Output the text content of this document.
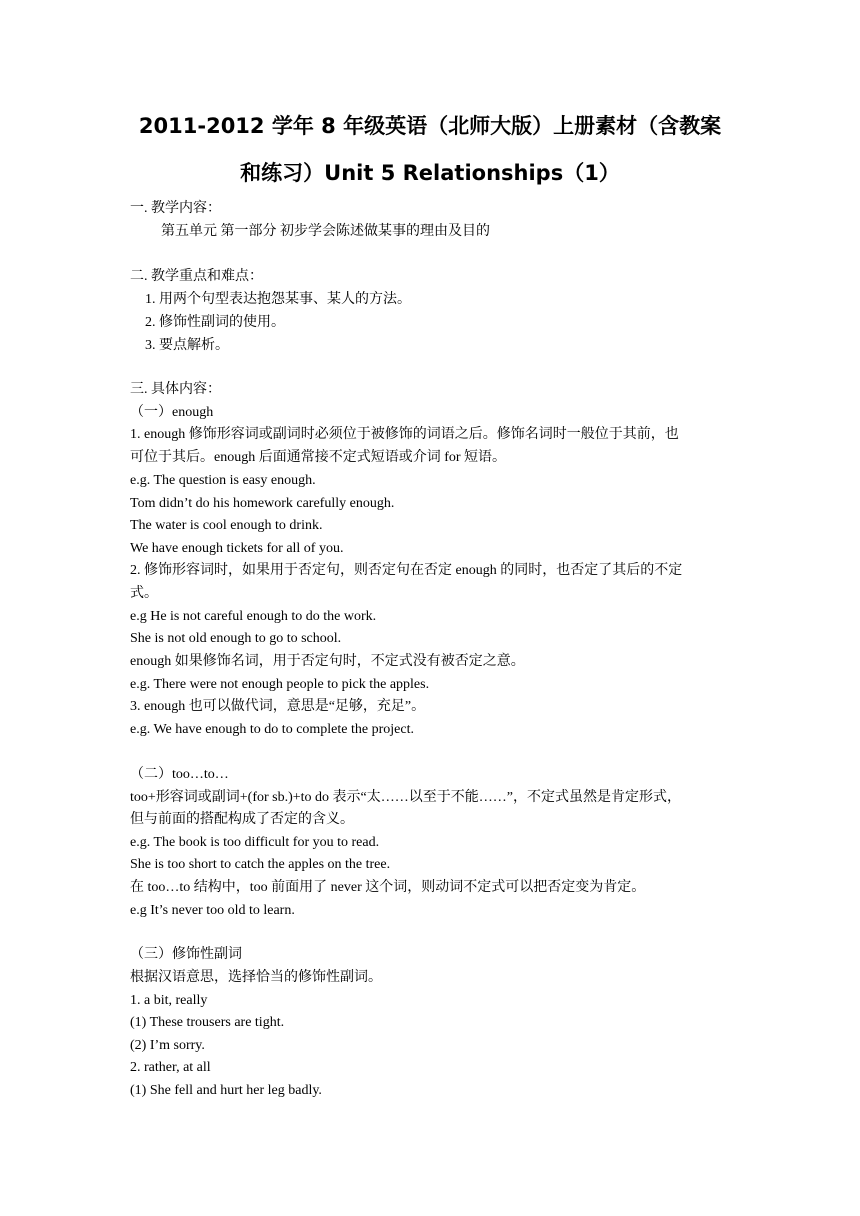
2011-2012 学年 8 年级英语（北师大版）上册素材（含教案
和练习）Unit 5 Relationships（1）
一. 教学内容：
第五单元 第一部分 初步学会陈述做某事的理由及目的
二. 教学重点和难点：
1. 用两个句型表达抱怨某事、某人的方法。
2. 修饰性副词的使用。
3. 要点解析。
三. 具体内容：
（一）enough
1. enough 修饰形容词或副词时必须位于被修饰的词语之后。修饰名词时一般位于其前，也
可位于其后。enough 后面通常接不定式短语或介词 for 短语。
e.g. The question is easy enough.
Tom didn’t do his homework carefully enough.
The water is cool enough to drink.
We have enough tickets for all of you.
2. 修饰形容词时，如果用于否定句，则否定句在否定 enough 的同时，也否定了其后的不定
式。
e.g He is not careful enough to do the work.
She is not old enough to go to school.
enough 如果修饰名词，用于否定句时，不定式没有被否定之意。
e.g. There were not enough people to pick the apples.
3. enough 也可以做代词，意思是“足够，充足”。
e.g. We have enough to do to complete the project.
（二）too…to…
too+形容词或副词+(for sb.)+to do 表示“太……以至于不能……”，不定式虽然是肯定形式，
但与前面的搭配构成了否定的含义。
e.g. The book is too difficult for you to read.
She is too short to catch the apples on the tree.
在 too…to 结构中，too 前面用了 never 这个词，则动词不定式可以把否定变为肯定。
e.g It’s never too old to learn.
（三）修饰性副词
根据汉语意思，选择恰当的修饰性副词。
1. a bit, really
(1) These trousers are tight.
(2) I’m sorry.
2. rather, at all
(1) She fell and hurt her leg badly.
